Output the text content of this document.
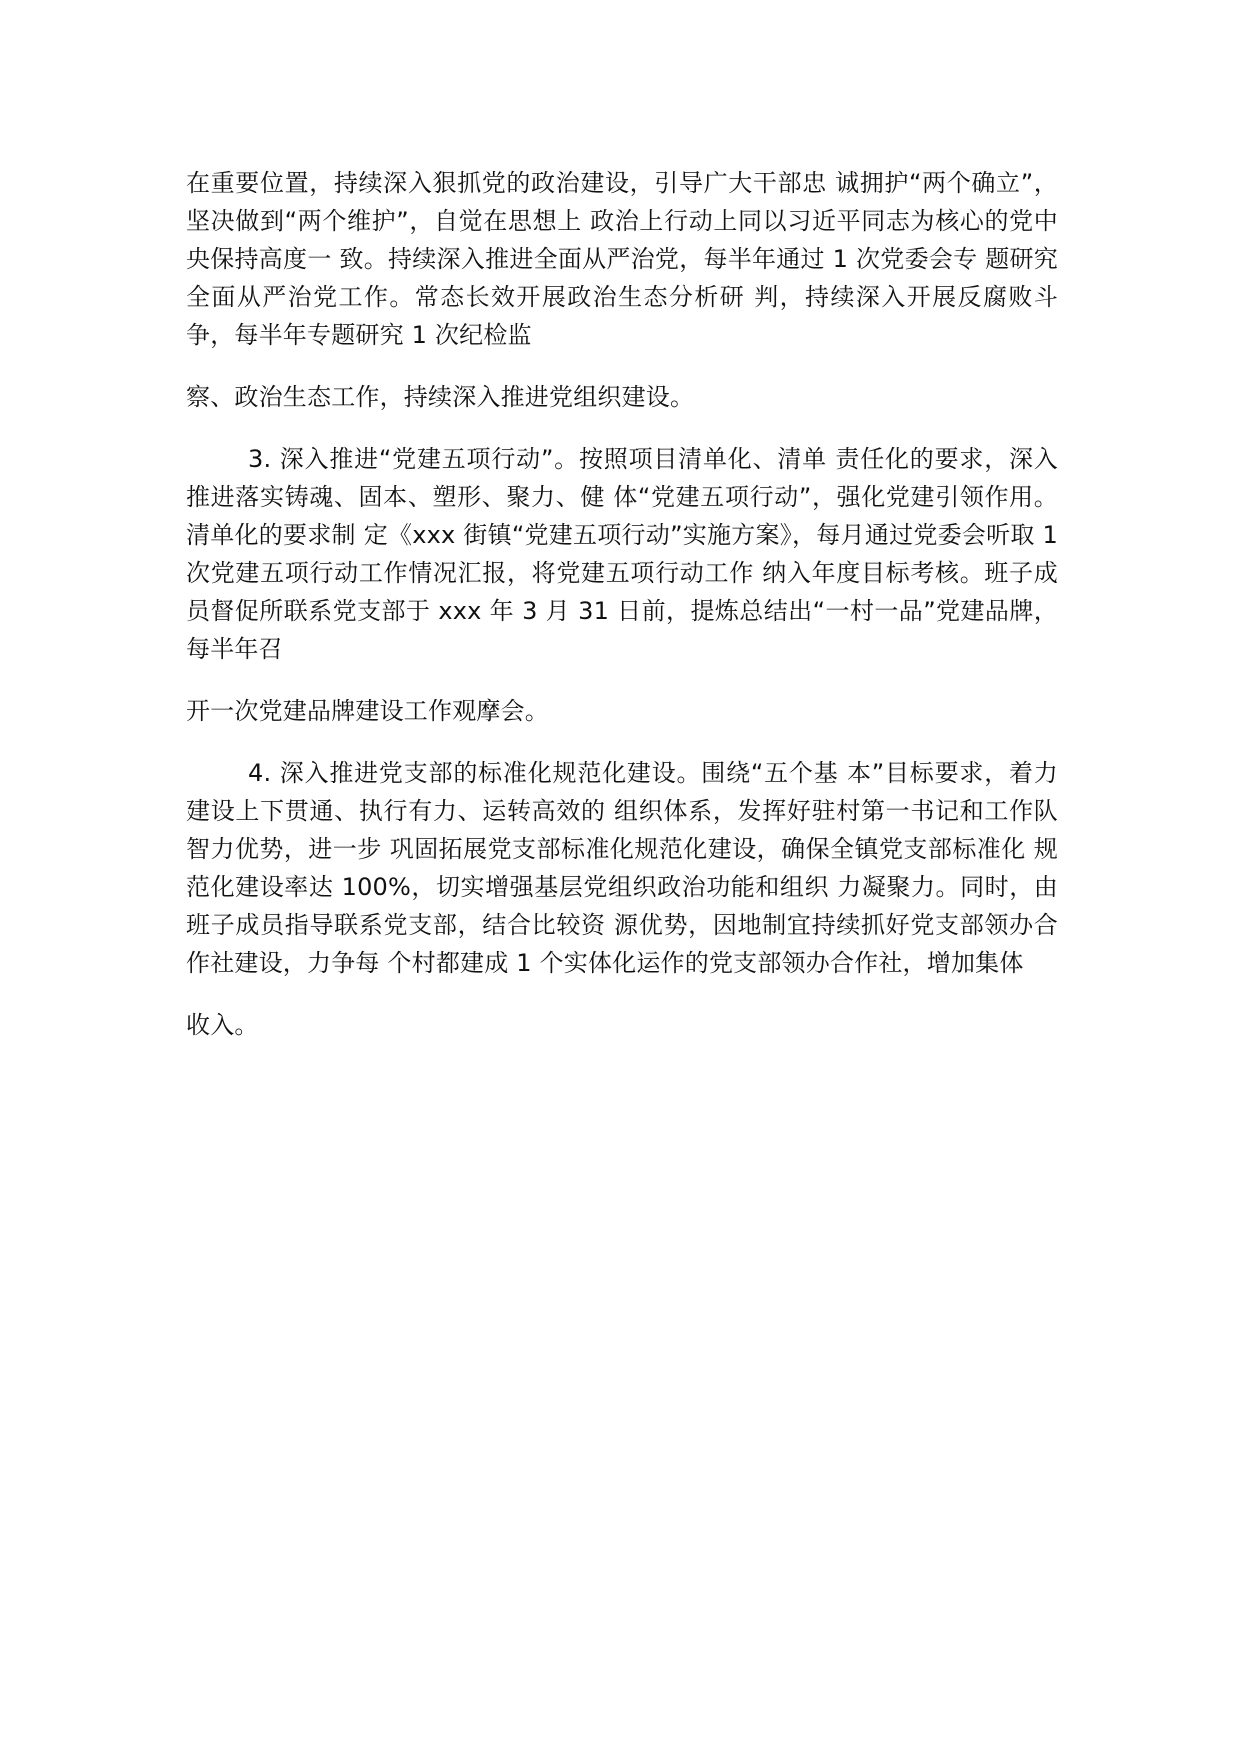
在重要位置，持续深入狠抓党的政治建设，引导广大干部忠 诚拥护“两个确立”，坚决做到“两个维护”，自觉在思想上 政治上行动上同以习近平同志为核心的党中央保持高度一 致。持续深入推进全面从严治党，每半年通过 1 次党委会专 题研究全面从严治党工作。常态长效开展政治生态分析研 判，持续深入开展反腐败斗争，每半年专题研究 1 次纪检监

察、政治生态工作，持续深入推进党组织建设。

3. 深入推进“党建五项行动”。按照项目清单化、清单 责任化的要求，深入推进落实铸魂、固本、塑形、聚力、健 体“党建五项行动”，强化党建引领作用。清单化的要求制 定《xxx 街镇“党建五项行动”实施方案》，每月通过党委会听取 1 次党建五项行动工作情况汇报，将党建五项行动工作 纳入年度目标考核。班子成员督促所联系党支部于 xxx 年 3 月 31 日前，提炼总结出“一村一品”党建品牌，每半年召

开一次党建品牌建设工作观摩会。

4. 深入推进党支部的标准化规范化建设。围绕“五个基 本”目标要求，着力建设上下贯通、执行有力、运转高效的 组织体系，发挥好驻村第一书记和工作队智力优势，进一步 巩固拓展党支部标准化规范化建设，确保全镇党支部标准化 规范化建设率达 100%，切实增强基层党组织政治功能和组织 力凝聚力。同时，由班子成员指导联系党支部，结合比较资 源优势，因地制宜持续抓好党支部领办合作社建设，力争每 个村都建成 1 个实体化运作的党支部领办合作社，增加集体

收入。
